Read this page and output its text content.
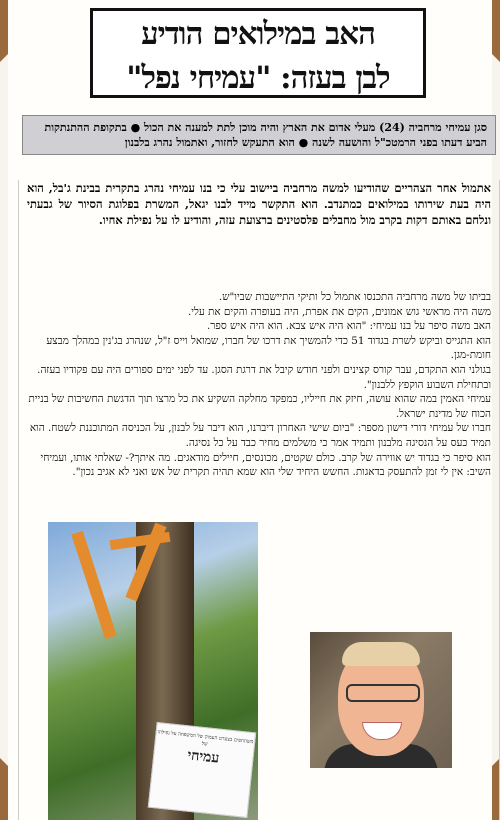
האב במילואים הודיע
לבן בעזה: "עמיחי נפל"
סגן עמיחי מרחביה (24) מעלי אדום את הארץ והיה מוכן לתת למענה את הכול ● בתקופת ההתנתקות הביע דעתו בפני הרמטכ"ל והושעה לשנה ● הוא התעקש לחזור, ואתמול נהרג בלבנון
אתמול אחר הצהריים שהודיעו למשה מרחביה ביישוב עלי כי בנו עמיחי נהרג בתקרית בבינת ג'בל, הוא היה בעת שירותו במילואים כמתנדב. הוא התקשר מייד לבנו יגאל, המשרת בפלוגת הסיור של גבעתי ונלחם באותם דקות בקרב מול מחבלים פלסטינים ברצועת עזה, והודיע לו על נפילת אחיו.

בביתו של משה מרחביה התכנסו אתמול כל ותיקי התיישבות שביו"ש.

משה היה מראשי גוש אמונים, הקים את אפרת, היה בעופרה והקים את עלי.

האב משה סיפר על בנו עמיחי: "הוא היה איש צבא. הוא היה איש ספר.

הוא התגייס וביקש לשרת בגדוד 51 כדי להמשיך את דרכו של חברו, שמואל וייס ז"ל, שנהרג בג'נין במהלך מבצע חומת-מגן.

בגולני הוא התקדם, עבר קורס קצינים ולפני חודש קיבל את דרגת הסגן. עד לפני ימים ספורים היה עם פקודיו בעזה. ובתחילת השבוע הוקפץ ללבנון".

עמיחי האמין במה שהוא עושה, חיזק את חייליו, כמפקד מחלקה השקיע את כל מרצו תוך הדגשת החשיבות של בניית הכוח של מדינת ישראל.

חברו של עמיחי דורי דישון מספר: "ביום שישי האחרון דיברנו, הוא דיבר על לבנון, על הכניסה המתוכננת לשטח. הוא תמיד כעס על הנסיגה מלבנון ותמיד אמר כי משלמים מחיר כבד על כל נסיגה.

הוא סיפר כי בגדוד יש אווירה של קרב. כולם שקטים, מכונסים, חיילים מודאגים. מה איתך?- שאלתי אותו, ועמיחי השיב: אין לי זמן להתעסק בדאגות. החשש היחיד שלי הוא שמא תהיה תקרית של אש ואני לא אגיב נכון".

משתתפים בצערם העמוק של המשפחה על נפילתו של
עמיחי
